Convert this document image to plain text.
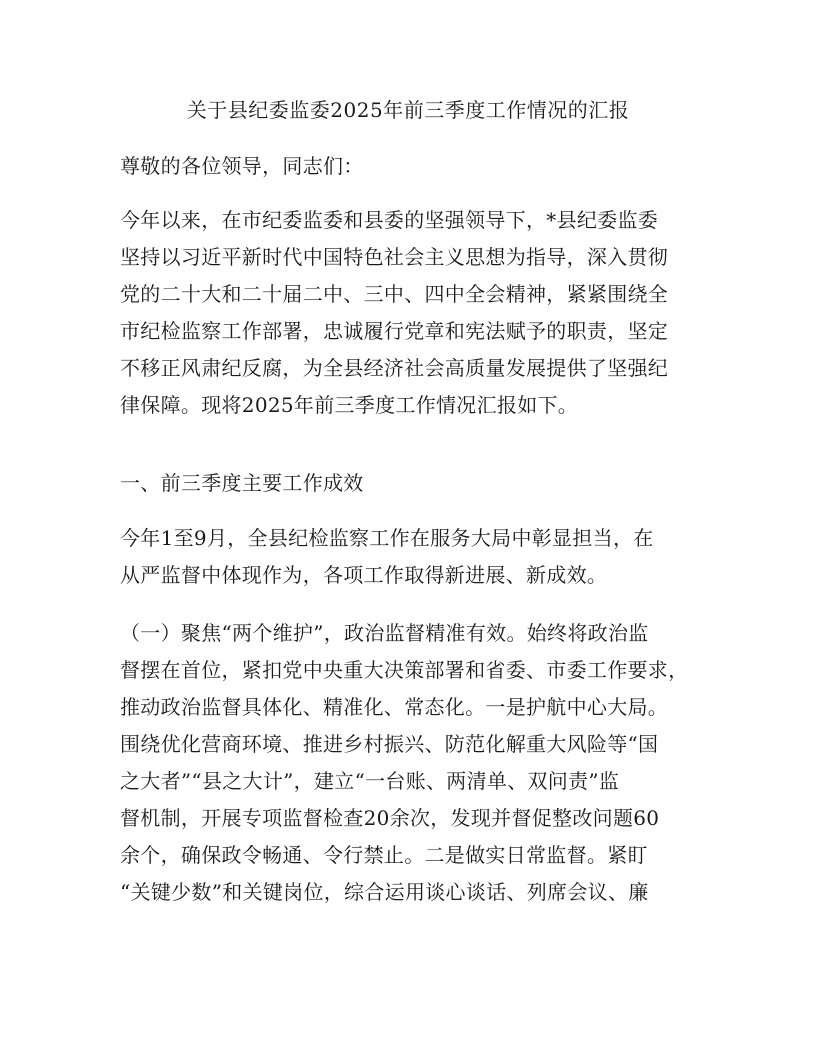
关于县纪委监委2025年前三季度工作情况的汇报
尊敬的各位领导，同志们：
今年以来，在市纪委监委和县委的坚强领导下，*县纪委监委
坚持以习近平新时代中国特色社会主义思想为指导，深入贯彻
党的二十大和二十届二中、三中、四中全会精神，紧紧围绕全
市纪检监察工作部署，忠诚履行党章和宪法赋予的职责，坚定
不移正风肃纪反腐，为全县经济社会高质量发展提供了坚强纪
律保障。现将2025年前三季度工作情况汇报如下。
一、前三季度主要工作成效
今年1至9月，全县纪检监察工作在服务大局中彰显担当，在
从严监督中体现作为，各项工作取得新进展、新成效。
（一）聚焦“两个维护”，政治监督精准有效。始终将政治监
督摆在首位，紧扣党中央重大决策部署和省委、市委工作要求，
推动政治监督具体化、精准化、常态化。一是护航中心大局。
围绕优化营商环境、推进乡村振兴、防范化解重大风险等“国
之大者”“县之大计”，建立“一台账、两清单、双问责”监
督机制，开展专项监督检查20余次，发现并督促整改问题60
余个，确保政令畅通、令行禁止。二是做实日常监督。紧盯
“关键少数”和关键岗位，综合运用谈心谈话、列席会议、廉
